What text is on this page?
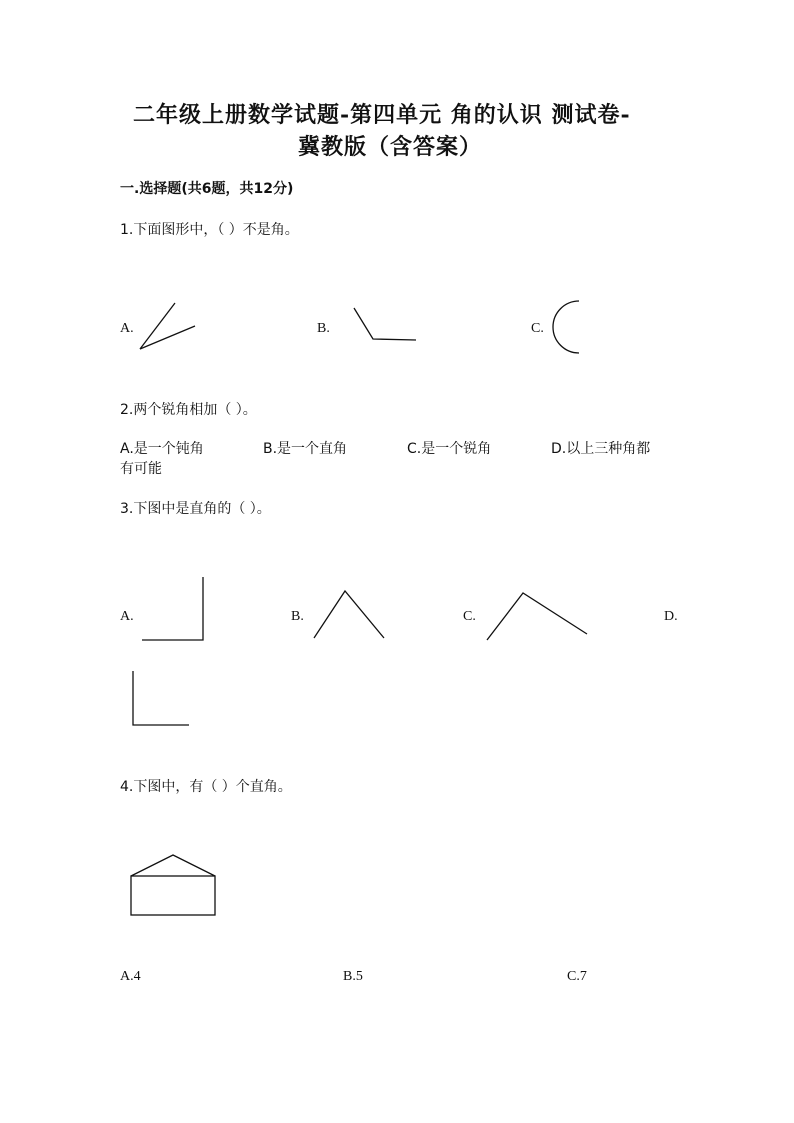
二年级上册数学试题-第四单元 角的认识 测试卷-
冀教版（含答案）
一.选择题(共6题，共12分)
1.下面图形中，（ ）不是角。
A.	B.	C.
2.两个锐角相加（ ）。
A.是一个钝角	B.是一个直角	C.是一个锐角	D.以上三种角都
有可能
3.下图中是直角的（ ）。
A.	B.	C.	D.
4.下图中，有（ ）个直角。
A.4	B.5	C.7
